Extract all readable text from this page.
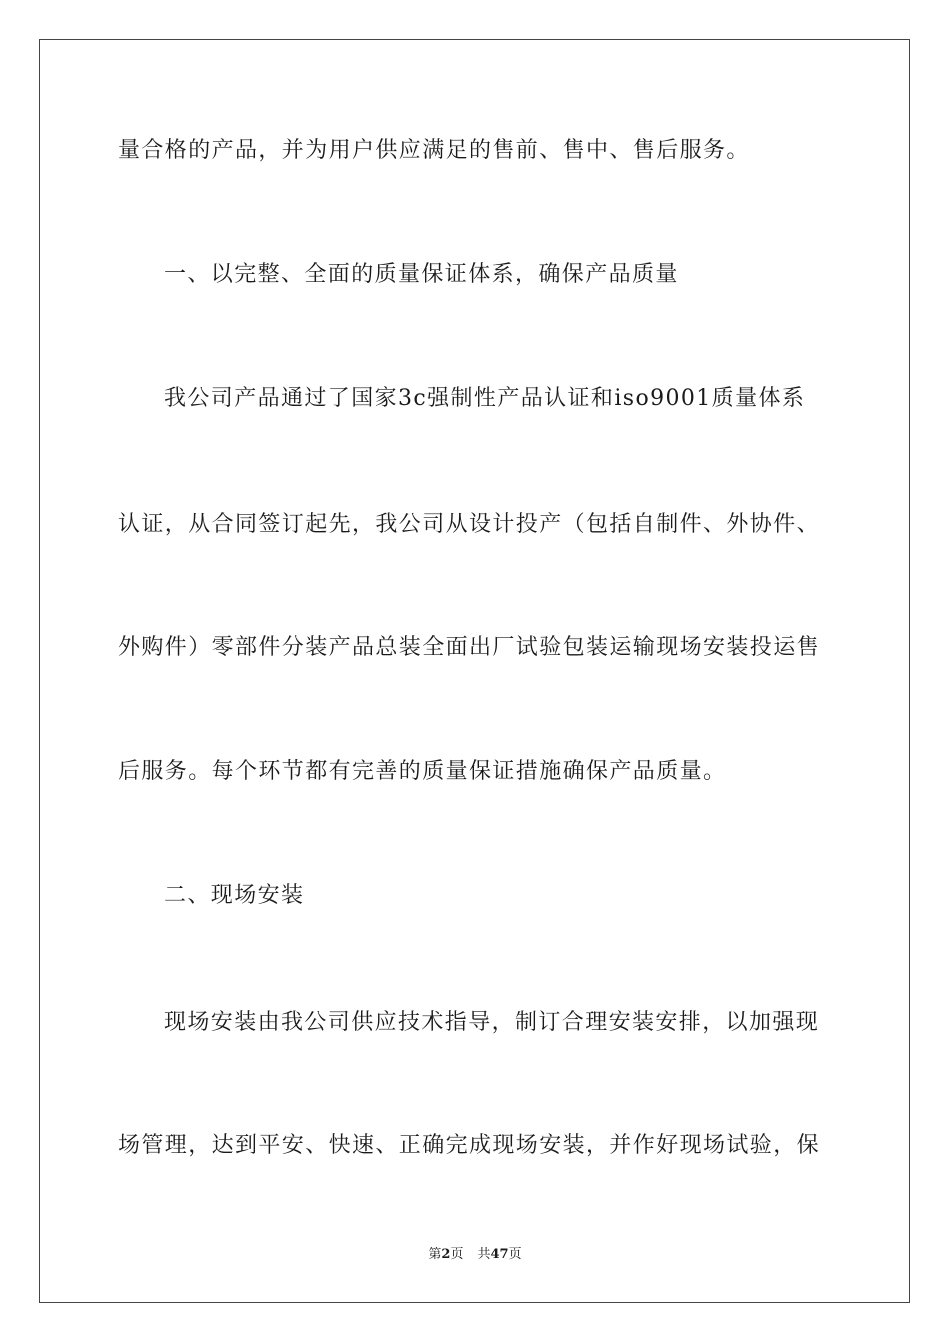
量合格的产品，并为用户供应满足的售前、售中、售后服务。
一、以完整、全面的质量保证体系，确保产品质量
我公司产品通过了国家3c强制性产品认证和iso9001质量体系
认证，从合同签订起先，我公司从设计投产（包括自制件、外协件、
外购件）零部件分装产品总装全面出厂试验包装运输现场安装投运售
后服务。每个环节都有完善的质量保证措施确保产品质量。
二、现场安装
现场安装由我公司供应技术指导，制订合理安装安排，以加强现
场管理，达到平安、快速、正确完成现场安装，并作好现场试验，保
第2页 共47页
